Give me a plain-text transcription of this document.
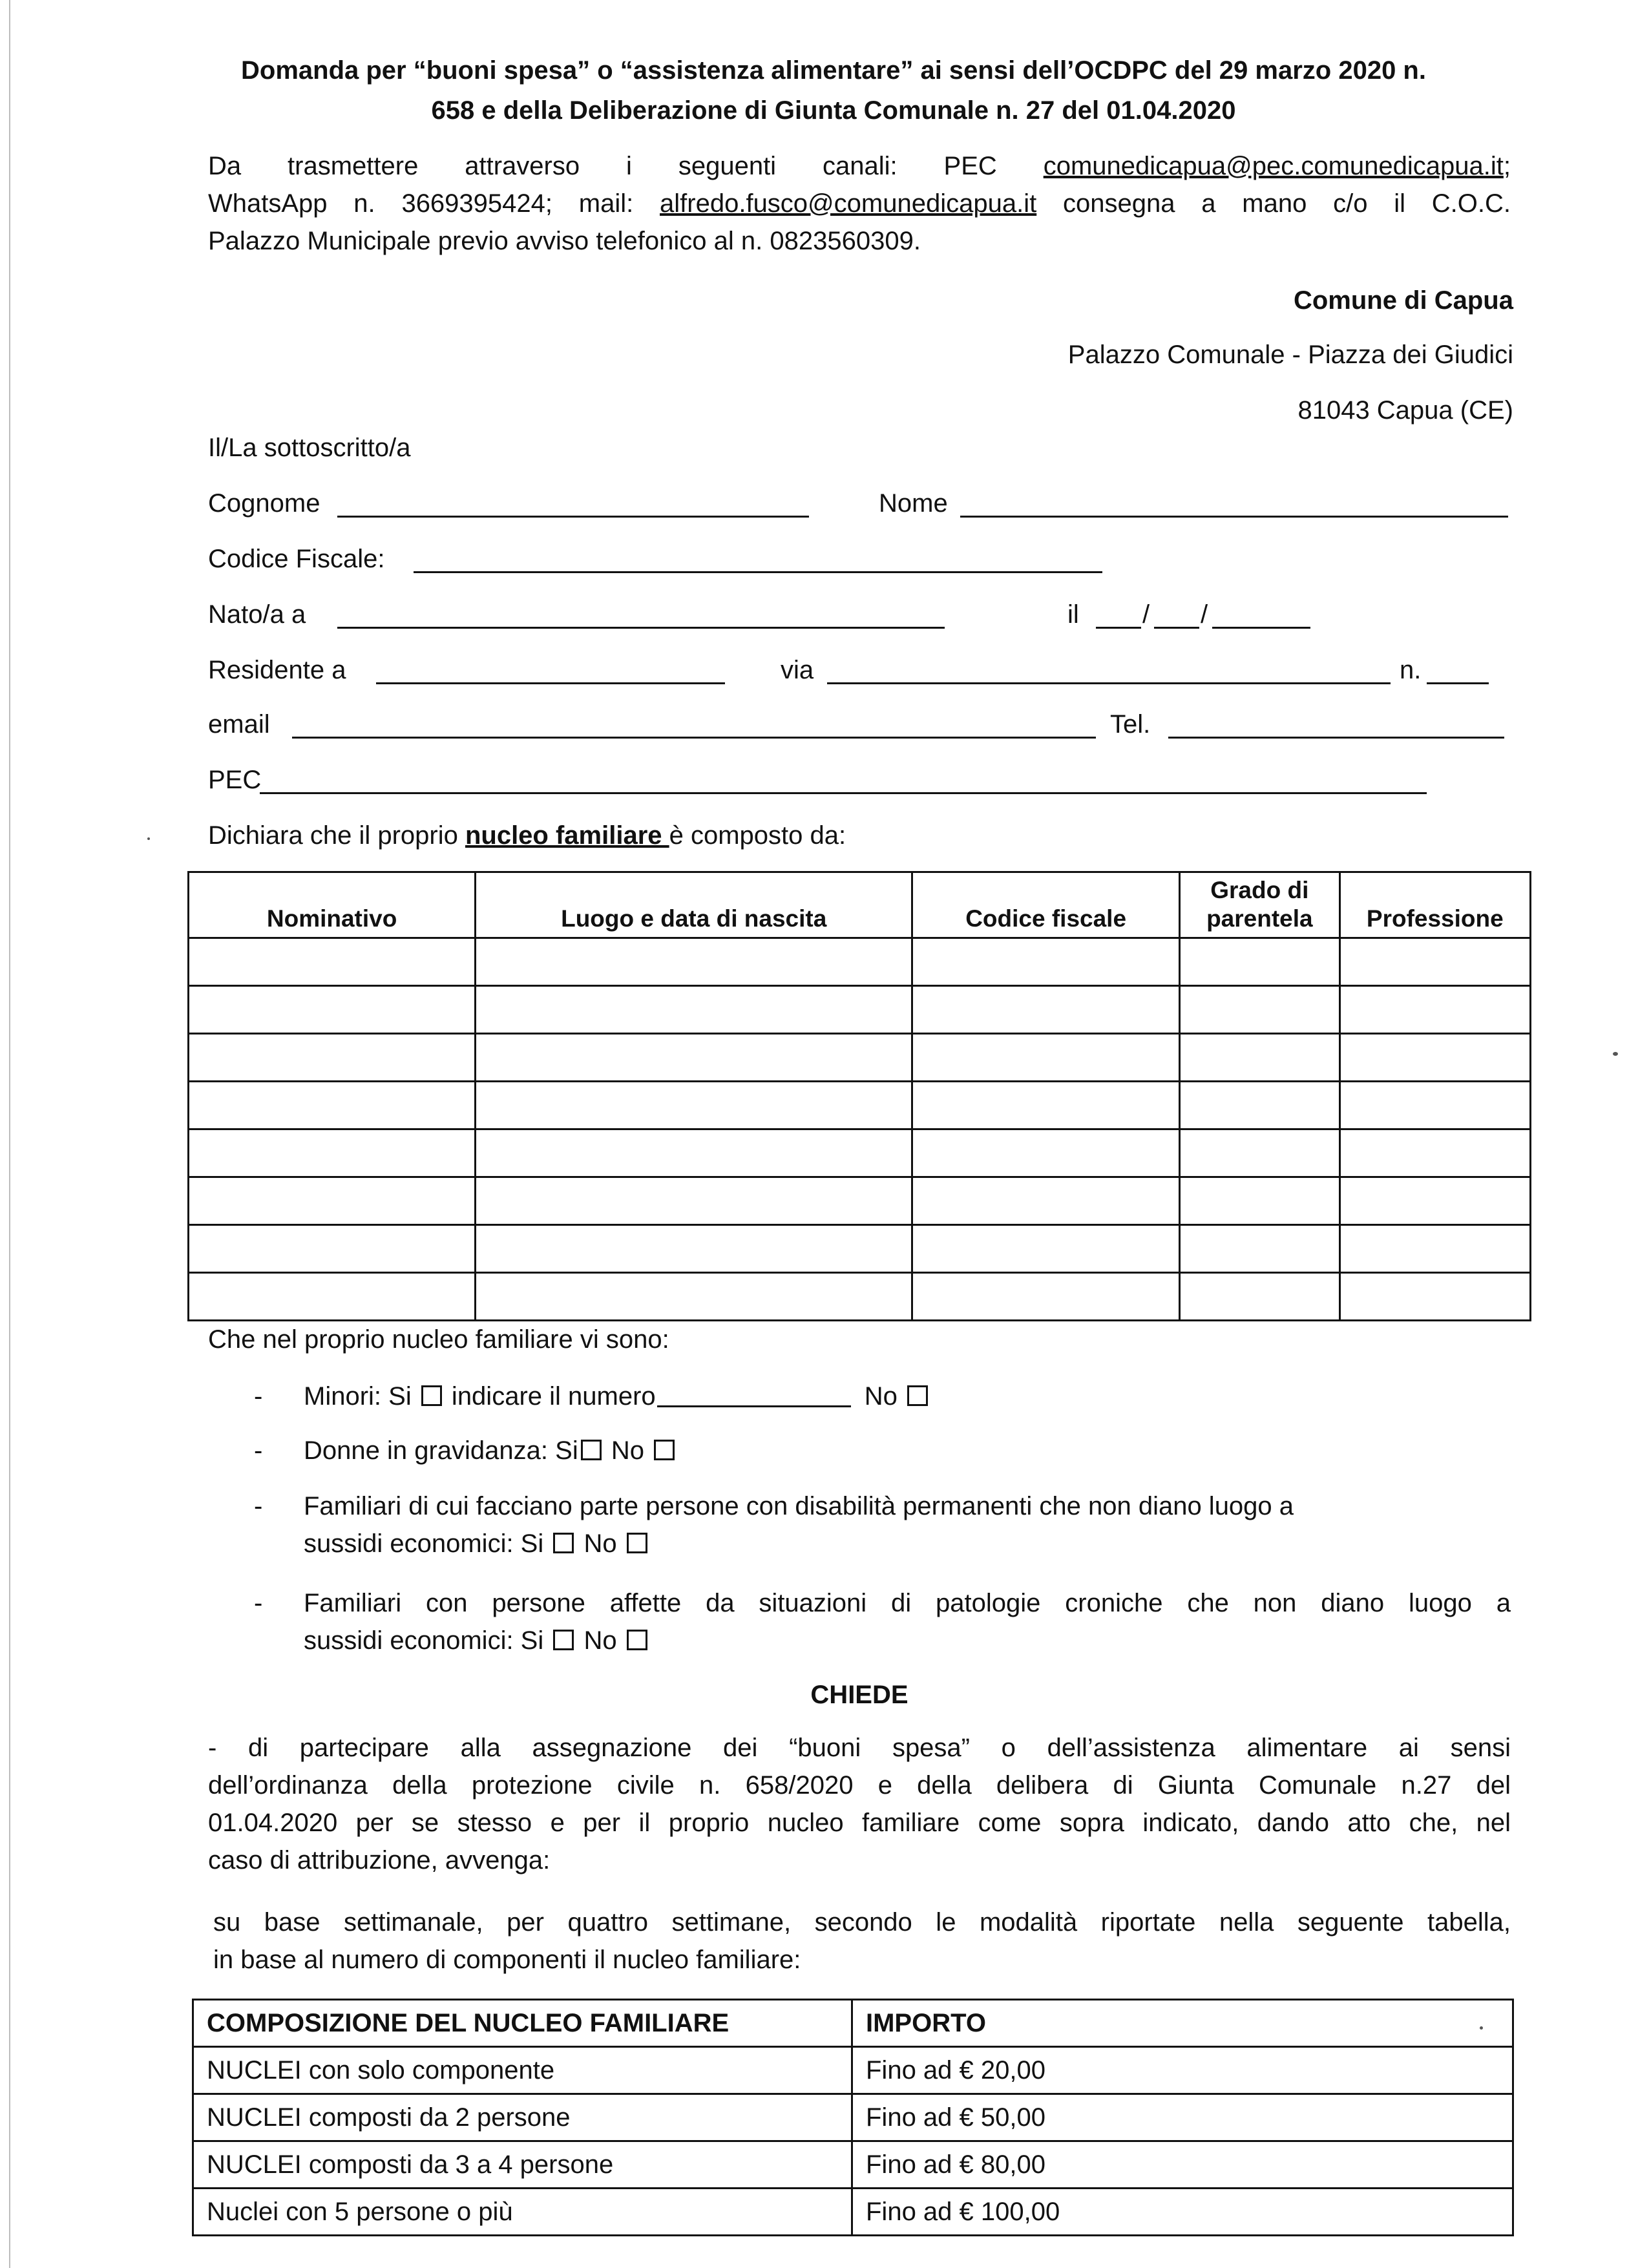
Domanda per “buoni spesa” o “assistenza alimentare” ai sensi dell’OCDPC del 29 marzo 2020 n.
658 e della Deliberazione di Giunta Comunale n. 27 del 01.04.2020
Da trasmettere attraverso i seguenti canali: PEC comunedicapua@pec.comunedicapua.it;
WhatsApp n. 3669395424; mail: alfredo.fusco@comunedicapua.it consegna a mano c/o il C.O.C.
Palazzo Municipale previo avviso telefonico al n. 0823560309.
Comune di Capua
Palazzo Comunale - Piazza dei Giudici
81043 Capua (CE)
Il/La sottoscritto/a
Cognome	Nome
Codice Fiscale:
Nato/a a	il / /
Residente a	via	n.
email	Tel.
PEC
Dichiara che il proprio nucleo familiare è composto da:
Nominativo	Luogo e data di nascita	Codice fiscale	Grado di parentela	Professione

Che nel proprio nucleo familiare vi sono:
- Minori: Si  indicare il numero	No
- Donne in gravidanza: Si No
- Familiari di cui facciano parte persone con disabilità permanenti che non diano luogo a
sussidi economici: Si  No
- Familiari con persone affette da situazioni di patologie croniche che non diano luogo a
sussidi economici: Si  No
CHIEDE
- di partecipare alla assegnazione dei “buoni spesa” o dell’assistenza alimentare ai sensi
dell’ordinanza della protezione civile n. 658/2020 e della delibera di Giunta Comunale n.27 del
01.04.2020 per se stesso e per il proprio nucleo familiare come sopra indicato, dando atto che, nel
caso di attribuzione, avvenga:
su base settimanale, per quattro settimane, secondo le modalità riportate nella seguente tabella,
in base al numero di componenti il nucleo familiare:
COMPOSIZIONE DEL NUCLEO FAMILIARE	IMPORTO
NUCLEI con solo componente	Fino ad € 20,00
NUCLEI composti da 2 persone	Fino ad € 50,00
NUCLEI composti da 3 a 4 persone	Fino ad € 80,00
Nuclei con 5 persone o più	Fino ad € 100,00
